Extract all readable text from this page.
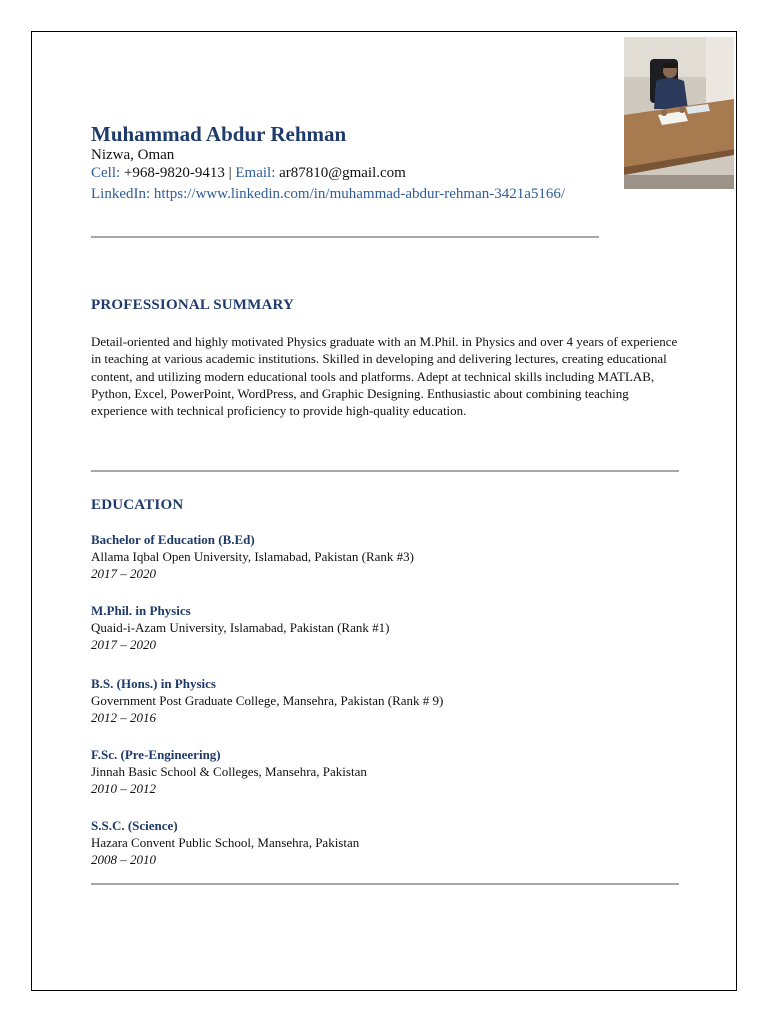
Muhammad Abdur Rehman
Nizwa, Oman
Cell: +968-9820-9413 | Email: ar87810@gmail.com
LinkedIn: https://www.linkedin.com/in/muhammad-abdur-rehman-3421a5166/
PROFESSIONAL SUMMARY
Detail-oriented and highly motivated Physics graduate with an M.Phil. in Physics and over 4 years of experience in teaching at various academic institutions. Skilled in developing and delivering lectures, creating educational content, and utilizing modern educational tools and platforms. Adept at technical skills including MATLAB, Python, Excel, PowerPoint, WordPress, and Graphic Designing. Enthusiastic about combining teaching experience with technical proficiency to provide high-quality education.
EDUCATION
Bachelor of Education (B.Ed)
Allama Iqbal Open University, Islamabad, Pakistan (Rank #3)
2017 – 2020
M.Phil. in Physics
Quaid-i-Azam University, Islamabad, Pakistan (Rank #1)
2017 – 2020
B.S. (Hons.) in Physics
Government Post Graduate College, Mansehra, Pakistan (Rank # 9)
2012 – 2016
F.Sc. (Pre-Engineering)
Jinnah Basic School & Colleges, Mansehra, Pakistan
2010 – 2012
S.S.C. (Science)
Hazara Convent Public School, Mansehra, Pakistan
2008 – 2010
